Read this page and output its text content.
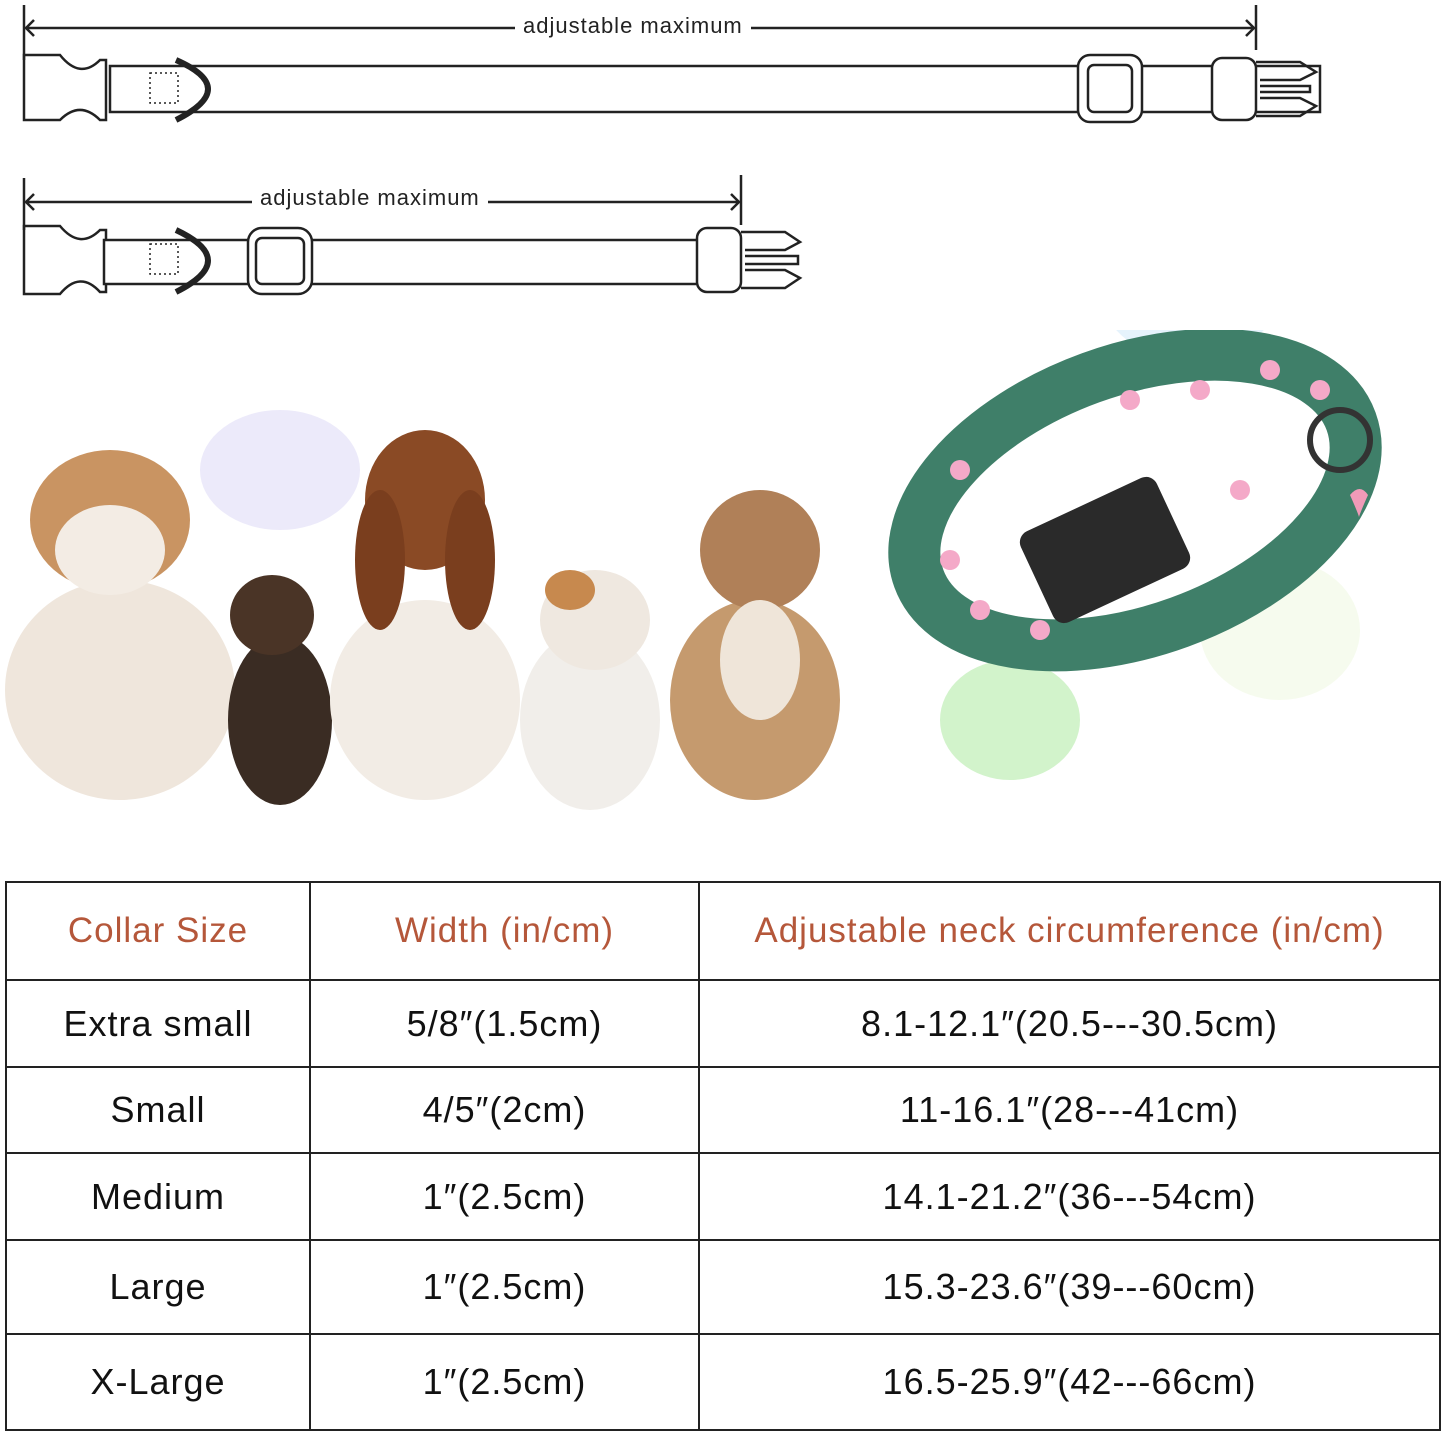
adjustable maximum
adjustable maximum
Collar Size	Width (in/cm)	Adjustable neck circumference (in/cm)
Extra small	5/8″(1.5cm)	8.1-12.1″(20.5---30.5cm)
Small	4/5″(2cm)	11-16.1″(28---41cm)
Medium	1″(2.5cm)	14.1-21.2″(36---54cm)
Large	1″(2.5cm)	15.3-23.6″(39---60cm)
X-Large	1″(2.5cm)	16.5-25.9″(42---66cm)
